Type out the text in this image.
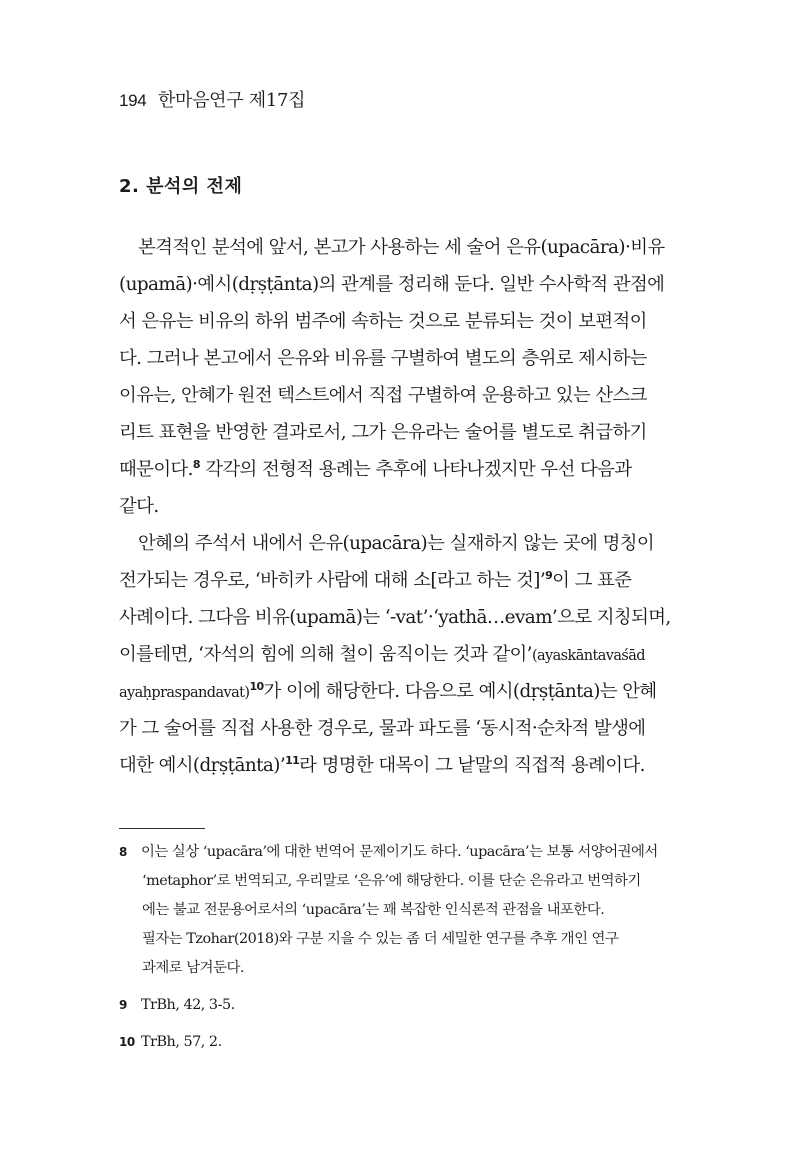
194 한마음연구 제17집
2. 분석의 전제
본격적인 분석에 앞서, 본고가 사용하는 세 술어 은유(upacāra)·비유
(upamā)·예시(dṛṣṭānta)의 관계를 정리해 둔다. 일반 수사학적 관점에
서 은유는 비유의 하위 범주에 속하는 것으로 분류되는 것이 보편적이
다. 그러나 본고에서 은유와 비유를 구별하여 별도의 층위로 제시하는
이유는, 안혜가 원전 텍스트에서 직접 구별하여 운용하고 있는 산스크
리트 표현을 반영한 결과로서, 그가 은유라는 술어를 별도로 취급하기
때문이다.$^8$ 각각의 전형적 용례는 추후에 나타나겠지만 우선 다음과
같다.
안혜의 주석서 내에서 은유(upacāra)는 실재하지 않는 곳에 명칭이
전가되는 경우로, ‘바히카 사람에 대해 소[라고 하는 것]’$^9$이 그 표준
사례이다. 그다음 비유(upamā)는 ‘-vat’·‘yathā…evam’으로 지칭되며,
이를테면, ‘자석의 힘에 의해 철이 움직이는 것과 같이’(ayaskāntavaśād
ayaḥpraspandavat)$^{10}$가 이에 해당한다. 다음으로 예시(dṛṣṭānta)는 안혜
가 그 술어를 직접 사용한 경우로, 물과 파도를 ‘동시적·순차적 발생에
대한 예시(dṛṣṭānta)’$^{11}$라 명명한 대목이 그 낱말의 직접적 용례이다.
8 이는 실상 ‘upacāra’에 대한 번역어 문제이기도 하다. ‘upacāra’는 보통 서양어권에서
‘metaphor’로 번역되고, 우리말로 ‘은유’에 해당한다. 이를 단순 은유라고 번역하기
에는 불교 전문용어로서의 ‘upacāra’는 꽤 복잡한 인식론적 관점을 내포한다.
필자는 Tzohar(2018)와 구분 지을 수 있는 좀 더 세밀한 연구를 추후 개인 연구
과제로 남겨둔다.
9 TrBh, 42, 3-5.
10 TrBh, 57, 2.
